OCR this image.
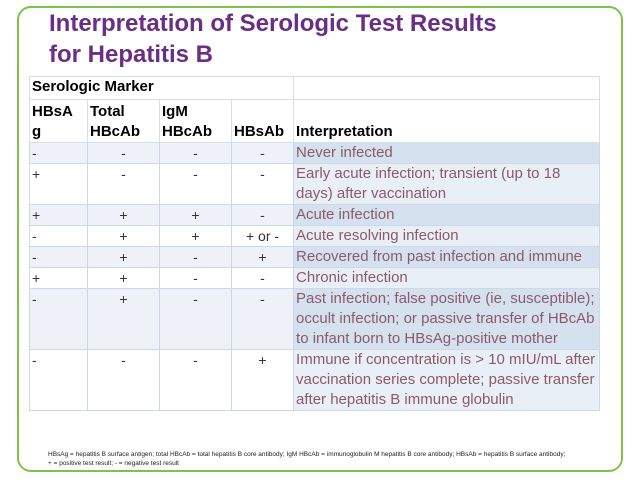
Interpretation of Serologic Test Results
for Hepatitis B
Serologic Marker				
HBsA g	Total HBcAb	IgM HBcAb	HBsAb	Interpretation
-	-	-	-	Never infected
+	-	-	-	Early acute infection; transient (up to 18 days) after vaccination
+	+	+	-	Acute infection
-	+	+	+ or -	Acute resolving infection
-	+	-	+	Recovered from past infection and immune
+	+	-	-	Chronic infection
-	+	-	-	Past infection; false positive (ie, susceptible); occult infection; or passive transfer of HBcAb to infant born to HBsAg-positive mother
-	-	-	+	Immune if concentration is > 10 mIU/mL after vaccination series complete; passive transfer after hepatitis B immune globulin
HBsAg = hepatitis B surface antigen; total HBcAb = total hepatitis B core antibody; IgM HBcAb = immunoglobulin M hepatitis B core antibody; HBsAb = hepatitis B surface antibody; + = positive test result; - = negative test result
